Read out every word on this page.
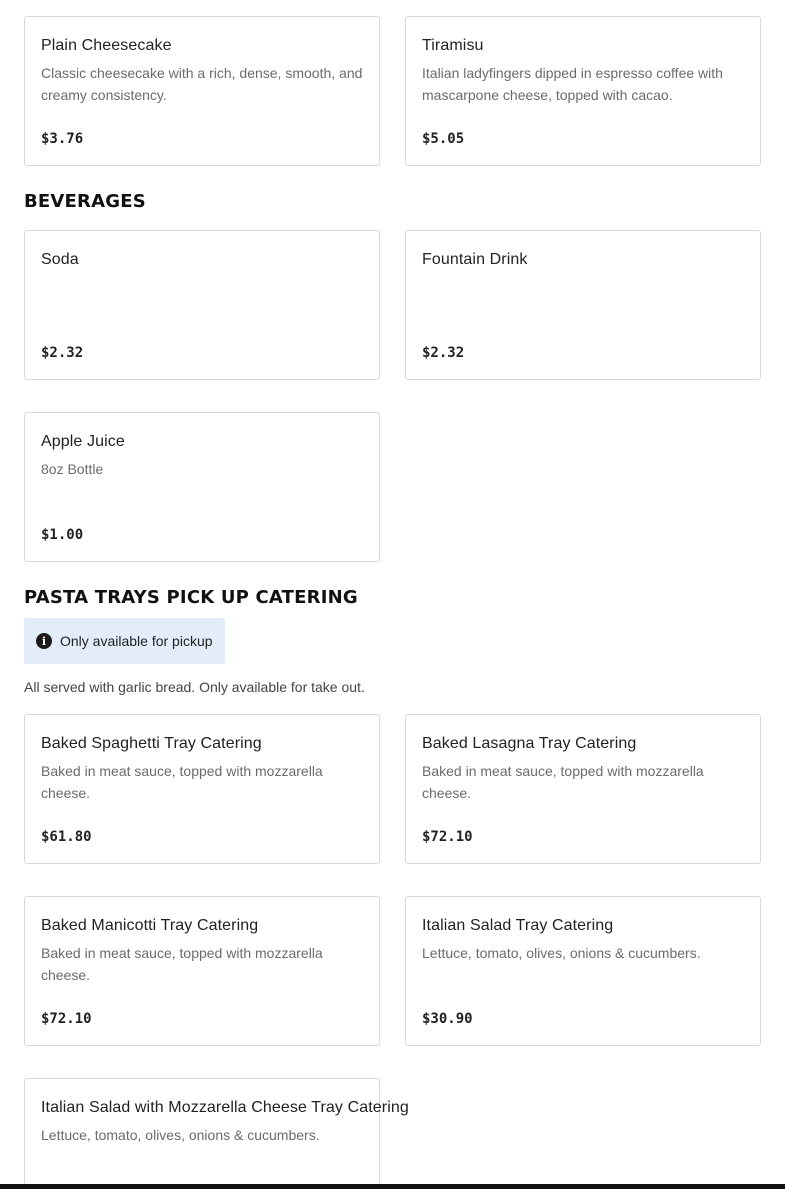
Plain Cheesecake
Classic cheesecake with a rich, dense, smooth, and creamy consistency.
$3.76
Tiramisu
Italian ladyfingers dipped in espresso coffee with mascarpone cheese, topped with cacao.
$5.05
BEVERAGES
Soda
$2.32
Fountain Drink
$2.32
Apple Juice
8oz Bottle
$1.00
PASTA TRAYS PICK UP CATERING
i Only available for pickup
All served with garlic bread. Only available for take out.
Baked Spaghetti Tray Catering
Baked in meat sauce, topped with mozzarella cheese.
$61.80
Baked Lasagna Tray Catering
Baked in meat sauce, topped with mozzarella cheese.
$72.10
Baked Manicotti Tray Catering
Baked in meat sauce, topped with mozzarella cheese.
$72.10
Italian Salad Tray Catering
Lettuce, tomato, olives, onions & cucumbers.
$30.90
Italian Salad with Mozzarella Cheese Tray Catering
Lettuce, tomato, olives, onions & cucumbers.
